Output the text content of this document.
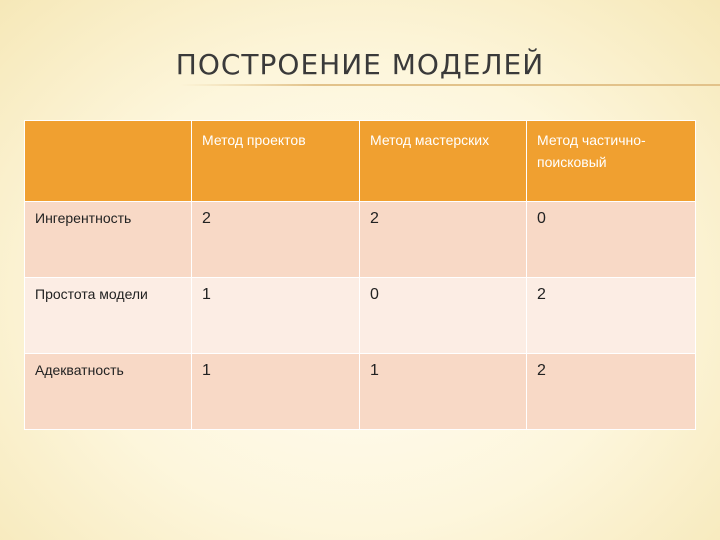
ПОСТРОЕНИЕ МОДЕЛЕЙ
	Метод проектов	Метод мастерских	Метод частично-поисковый
Ингерентность	2	2	0
Простота модели	1	0	2
Адекватность	1	1	2
